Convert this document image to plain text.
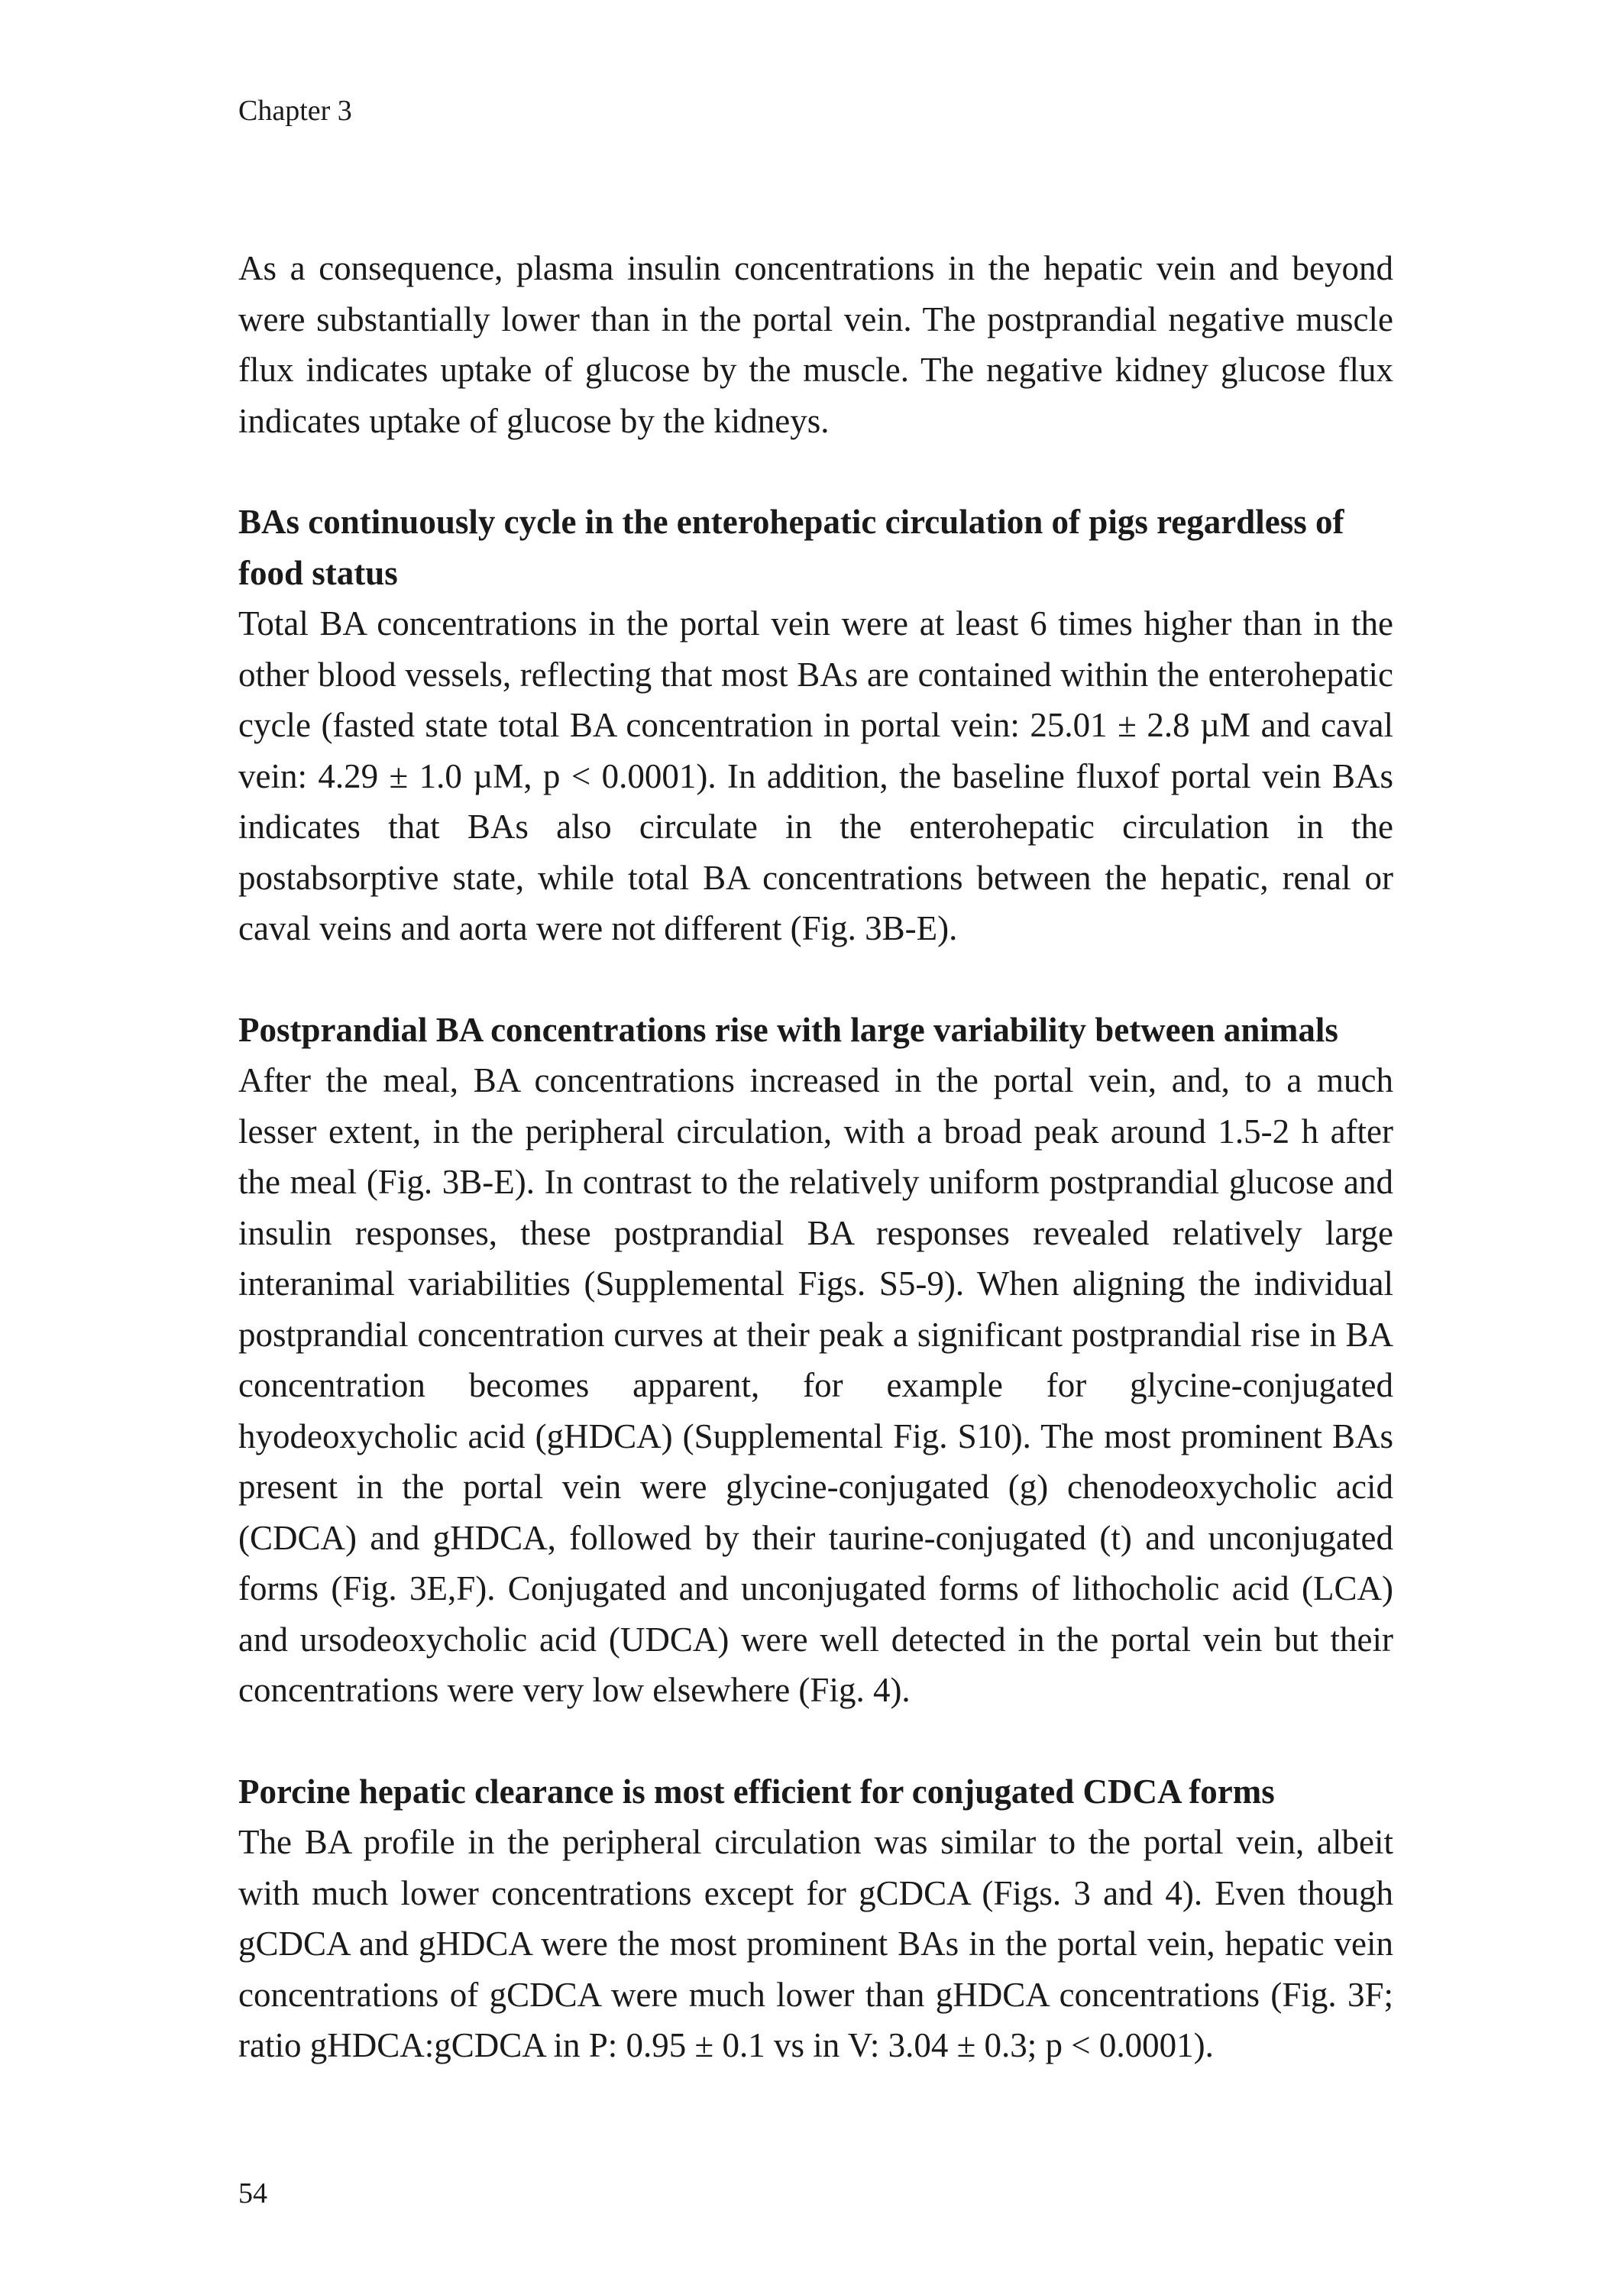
Chapter 3

As a consequence, plasma insulin concentrations in the hepatic vein and beyond were substantially lower than in the portal vein. The postprandial negative muscle flux indicates uptake of glucose by the muscle. The negative kidney glucose flux indicates uptake of glucose by the kidneys.

BAs continuously cycle in the enterohepatic circulation of pigs regardless of food status

Total BA concentrations in the portal vein were at least 6 times higher than in the other blood vessels, reflecting that most BAs are contained within the enterohepatic cycle (fasted state total BA concentration in portal vein: 25.01 ± 2.8 µM and caval vein: 4.29 ± 1.0 µM, p < 0.0001). In addition, the baseline fluxof portal vein BAs indicates that BAs also circulate in the enterohepatic circulation in the postabsorptive state, while total BA concentrations between the hepatic, renal or caval veins and aorta were not different (Fig. 3B-E).

Postprandial BA concentrations rise with large variability between animals

After the meal, BA concentrations increased in the portal vein, and, to a much lesser extent, in the peripheral circulation, with a broad peak around 1.5-2 h after the meal (Fig. 3B-E). In contrast to the relatively uniform postprandial glucose and insulin responses, these postprandial BA responses revealed relatively large interanimal variabilities (Supplemental Figs. S5-9). When aligning the individual postprandial concentration curves at their peak a significant postprandial rise in BA concentration becomes apparent, for example for glycine-conjugated hyodeoxycholic acid (gHDCA) (Supplemental Fig. S10). The most prominent BAs present in the portal vein were glycine-conjugated (g) chenodeoxycholic acid (CDCA) and gHDCA, followed by their taurine-conjugated (t) and unconjugated forms (Fig. 3E,F). Conjugated and unconjugated forms of lithocholic acid (LCA) and ursodeoxycholic acid (UDCA) were well detected in the portal vein but their concentrations were very low elsewhere (Fig. 4).

Porcine hepatic clearance is most efficient for conjugated CDCA forms

The BA profile in the peripheral circulation was similar to the portal vein, albeit with much lower concentrations except for gCDCA (Figs. 3 and 4). Even though gCDCA and gHDCA were the most prominent BAs in the portal vein, hepatic vein concentrations of gCDCA were much lower than gHDCA concentrations (Fig. 3F; ratio gHDCA:gCDCA in P: 0.95 ± 0.1 vs in V: 3.04 ± 0.3; p < 0.0001).

54
